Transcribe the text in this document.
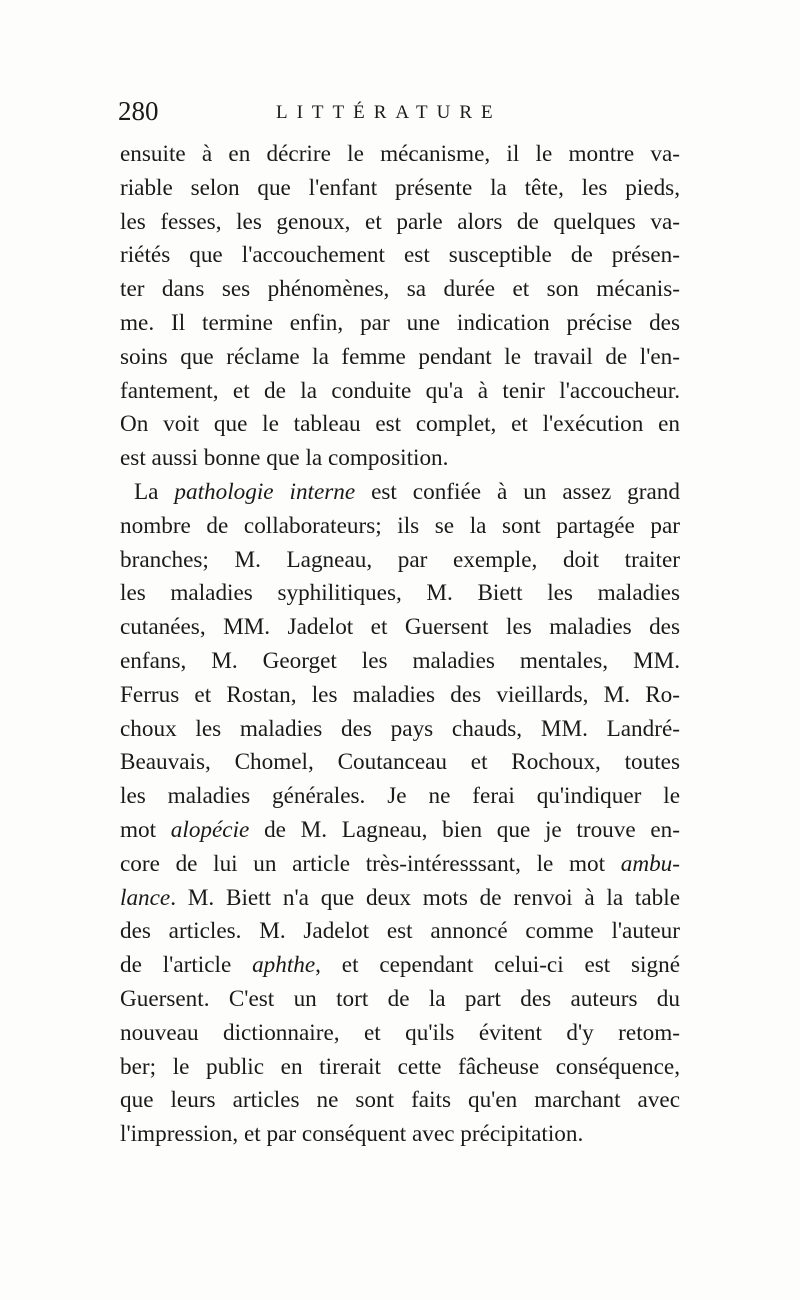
280	LITTÉRATURE
ensuite à en décrire le mécanisme, il le montre va-
riable selon que l'enfant présente la tête, les pieds,
les fesses, les genoux, et parle alors de quelques va-
riétés que l'accouchement est susceptible de présen-
ter dans ses phénomènes, sa durée et son mécanis-
me. Il termine enfin, par une indication précise des
soins que réclame la femme pendant le travail de l'en-
fantement, et de la conduite qu'a à tenir l'accoucheur.
On voit que le tableau est complet, et l'exécution en
est aussi bonne que la composition.
La pathologie interne est confiée à un assez grand
nombre de collaborateurs; ils se la sont partagée par
branches; M. Lagneau, par exemple, doit traiter
les maladies syphilitiques, M. Biett les maladies
cutanées, MM. Jadelot et Guersent les maladies des
enfans, M. Georget les maladies mentales, MM.
Ferrus et Rostan, les maladies des vieillards, M. Ro-
choux les maladies des pays chauds, MM. Landré-
Beauvais, Chomel, Coutanceau et Rochoux, toutes
les maladies générales. Je ne ferai qu'indiquer le
mot alopécie de M. Lagneau, bien que je trouve en-
core de lui un article très-intéresssant, le mot ambu-
lance. M. Biett n'a que deux mots de renvoi à la table
des articles. M. Jadelot est annoncé comme l'auteur
de l'article aphthe, et cependant celui-ci est signé
Guersent. C'est un tort de la part des auteurs du
nouveau dictionnaire, et qu'ils évitent d'y retom-
ber; le public en tirerait cette fâcheuse conséquence,
que leurs articles ne sont faits qu'en marchant avec
l'impression, et par conséquent avec précipitation.
